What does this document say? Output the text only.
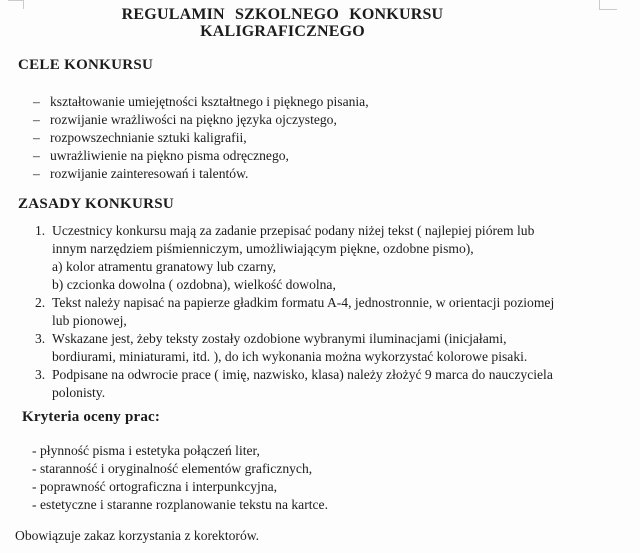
REGULAMIN SZKOLNEGO KONKURSU
KALIGRAFICZNEGO
CELE KONKURSU
– kształtowanie umiejętności kształtnego i pięknego pisania,
– rozwijanie wrażliwości na piękno języka ojczystego,
– rozpowszechnianie sztuki kaligrafii,
– uwrażliwienie na piękno pisma odręcznego,
– rozwijanie zainteresowań i talentów.
ZASADY KONKURSU
1. Uczestnicy konkursu mają za zadanie przepisać podany niżej tekst ( najlepiej piórem lub
innym narzędziem piśmienniczym, umożliwiającym piękne, ozdobne pismo),
a) kolor atramentu granatowy lub czarny,
b) czcionka dowolna ( ozdobna), wielkość dowolna,
2. Tekst należy napisać na papierze gładkim formatu A-4, jednostronnie, w orientacji poziomej
lub pionowej,
3. Wskazane jest, żeby teksty zostały ozdobione wybranymi iluminacjami (inicjałami,
bordiurami, miniaturami, itd. ), do ich wykonania można wykorzystać kolorowe pisaki.
3. Podpisane na odwrocie prace ( imię, nazwisko, klasa) należy złożyć 9 marca do nauczyciela
polonisty.
Kryteria oceny prac:
- płynność pisma i estetyka połączeń liter,
- staranność i oryginalność elementów graficznych,
- poprawność ortograficzna i interpunkcyjna,
- estetyczne i staranne rozplanowanie tekstu na kartce.
Obowiązuje zakaz korzystania z korektorów.
